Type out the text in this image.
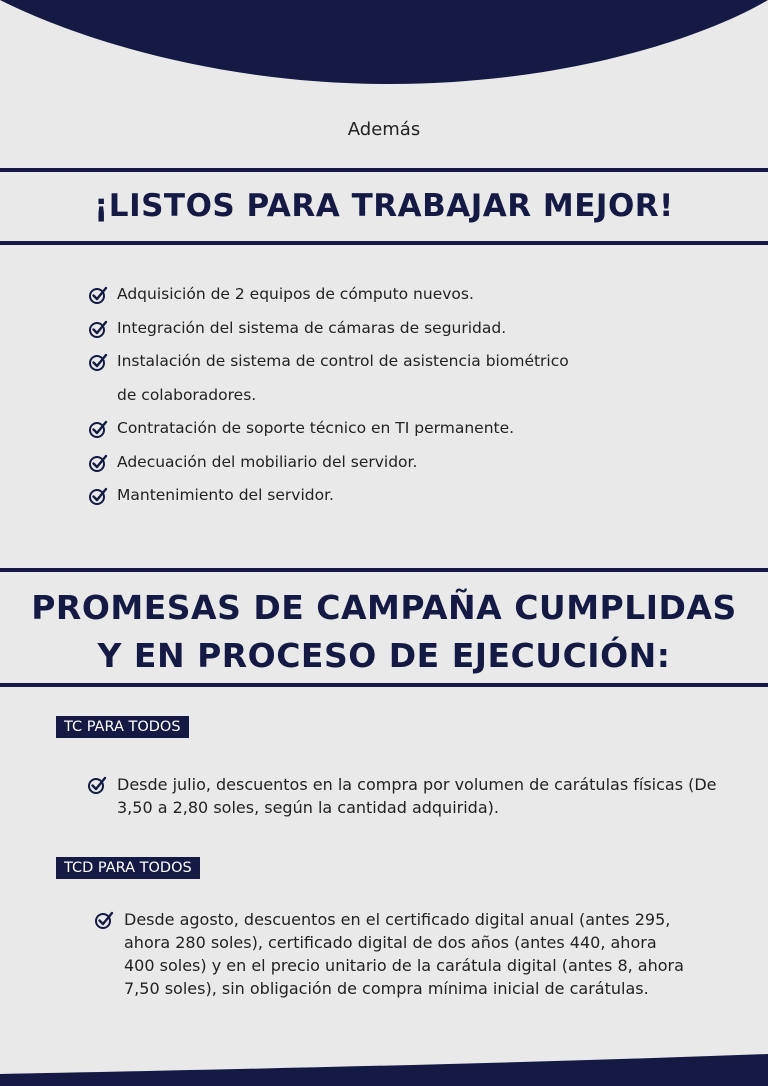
Además
¡LISTOS PARA TRABAJAR MEJOR!
Adquisición de 2 equipos de cómputo nuevos.
Integración del sistema de cámaras de seguridad.
Instalación de sistema de control de asistencia biométrico
de colaboradores.
Contratación de soporte técnico en TI permanente.
Adecuación del mobiliario del servidor.
Mantenimiento del servidor.
PROMESAS DE CAMPAÑA CUMPLIDAS
Y EN PROCESO DE EJECUCIÓN:
TC PARA TODOS
Desde julio, descuentos en la compra por volumen de carátulas físicas (De 3,50 a 2,80 soles, según la cantidad adquirida).
TCD PARA TODOS
Desde agosto, descuentos en el certificado digital anual (antes 295, ahora 280 soles), certificado digital de dos años (antes 440, ahora 400 soles) y en el precio unitario de la carátula digital (antes 8, ahora 7,50 soles), sin obligación de compra mínima inicial de carátulas.
